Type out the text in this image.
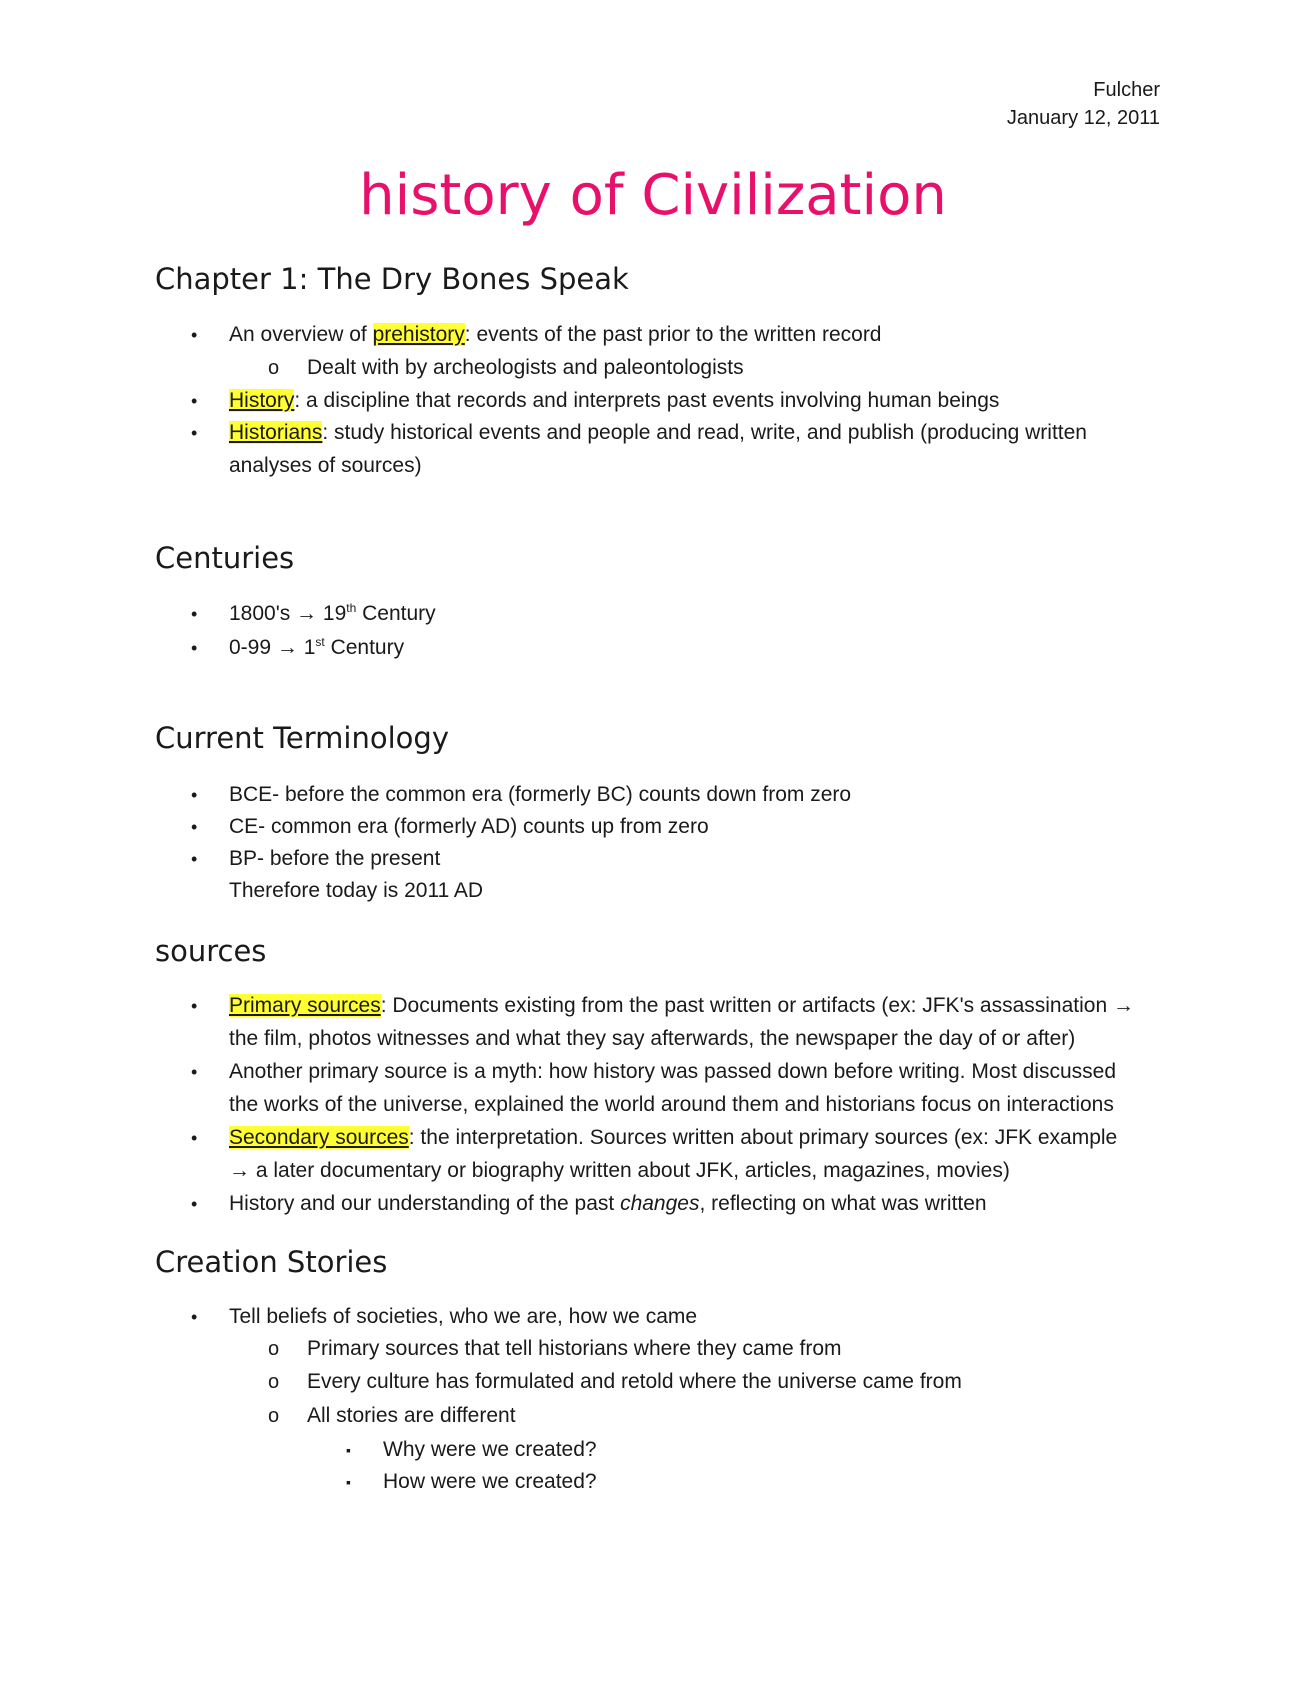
Fulcher
January 12, 2011
history of Civilization
Chapter 1: The Dry Bones Speak
• An overview of prehistory: events of the past prior to the written record
o Dealt with by archeologists and paleontologists
• History: a discipline that records and interprets past events involving human beings
• Historians: study historical events and people and read, write, and publish (producing written
analyses of sources)
Centuries
• 1800's → 19th Century
• 0-99 → 1st Century
Current Terminology
• BCE- before the common era (formerly BC) counts down from zero
• CE- common era (formerly AD) counts up from zero
• BP- before the present
Therefore today is 2011 AD
sources
• Primary sources: Documents existing from the past written or artifacts (ex: JFK's assassination →
the film, photos witnesses and what they say afterwards, the newspaper the day of or after)
• Another primary source is a myth: how history was passed down before writing. Most discussed
the works of the universe, explained the world around them and historians focus on interactions
• Secondary sources: the interpretation. Sources written about primary sources (ex: JFK example
→ a later documentary or biography written about JFK, articles, magazines, movies)
• History and our understanding of the past changes, reflecting on what was written
Creation Stories
• Tell beliefs of societies, who we are, how we came
o Primary sources that tell historians where they came from
o Every culture has formulated and retold where the universe came from
o All stories are different
▪ Why were we created?
▪ How were we created?
